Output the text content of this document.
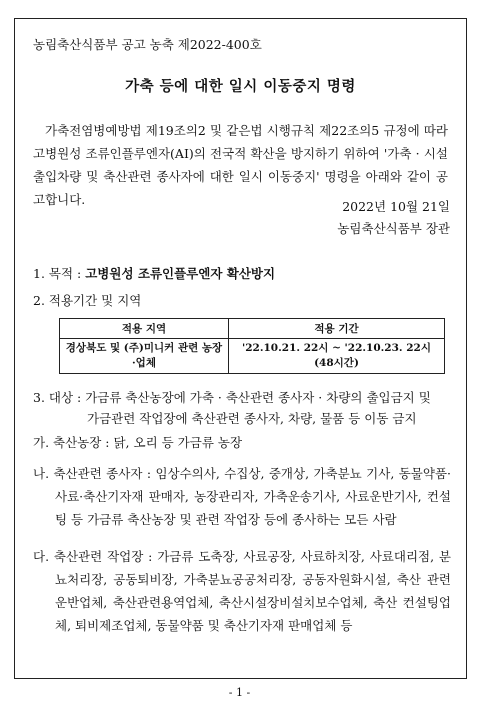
농림축산식품부 공고 농축 제2022-400호
가축 등에 대한 일시 이동중지 명령
가축전염병예방법 제19조의2 및 같은법 시행규칙 제22조의5 규정에 따라 고병원성 조류인플루엔자(AI)의 전국적 확산을 방지하기 위하여 '가축 · 시설출입차량 및 축산관련 종사자에 대한 일시 이동중지' 명령을 아래와 같이 공고합니다.	2022년 10월 21일
농림축산식품부 장관
1. 목적 : 고병원성 조류인플루엔자 확산방지
2. 적용기간 및 지역
적용 지역	적용 기간
경상북도 및 (주)미니커 관련 농장·업체	'22.10.21. 22시 ~ '22.10.23. 22시
(48시간)
3. 대상 : 가금류 축산농장에 가축 · 축산관련 종사자 · 차량의 출입금지 및
가금관련 작업장에 축산관련 종사자, 차량, 물품 등 이동 금지
가. 축산농장 : 닭, 오리 등 가금류 농장
나. 축산관련 종사자 : 임상수의사, 수집상, 중개상, 가축분뇨 기사, 동물약품·사료·축산기자재 판매자, 농장관리자, 가축운송기사, 사료운반기사, 컨설팅 등 가금류 축산농장 및 관련 작업장 등에 종사하는 모든 사람
다. 축산관련 작업장 : 가금류 도축장, 사료공장, 사료하치장, 사료대리점, 분뇨처리장, 공동퇴비장, 가축분뇨공공처리장, 공동자원화시설, 축산 관련운반업체, 축산관련용역업체, 축산시설장비설치보수업체, 축산 컨설팅업체, 퇴비제조업체, 동물약품 및 축산기자재 판매업체 등
- 1 -
